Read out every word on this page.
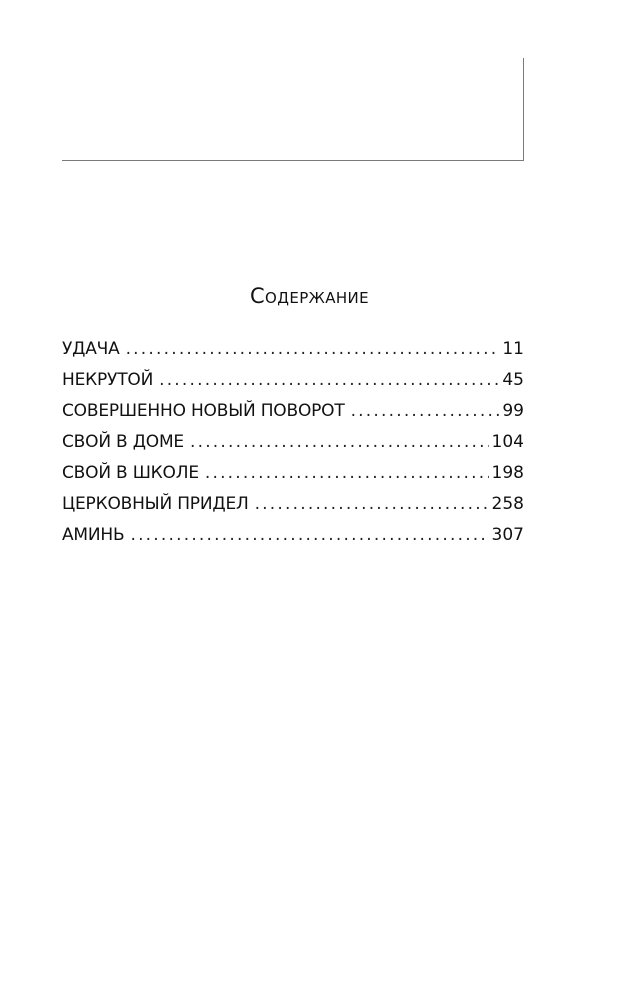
Содержание
УДАЧА . . .	11
НЕКРУТОЙ . . .	45
СОВЕРШЕННО НОВЫЙ ПОВОРОТ . . .	99
СВОЙ В ДОМЕ . . .	104
СВОЙ В ШКОЛЕ . . .	198
ЦЕРКОВНЫЙ ПРИДЕЛ . . .	258
АМИНЬ . . .	307
